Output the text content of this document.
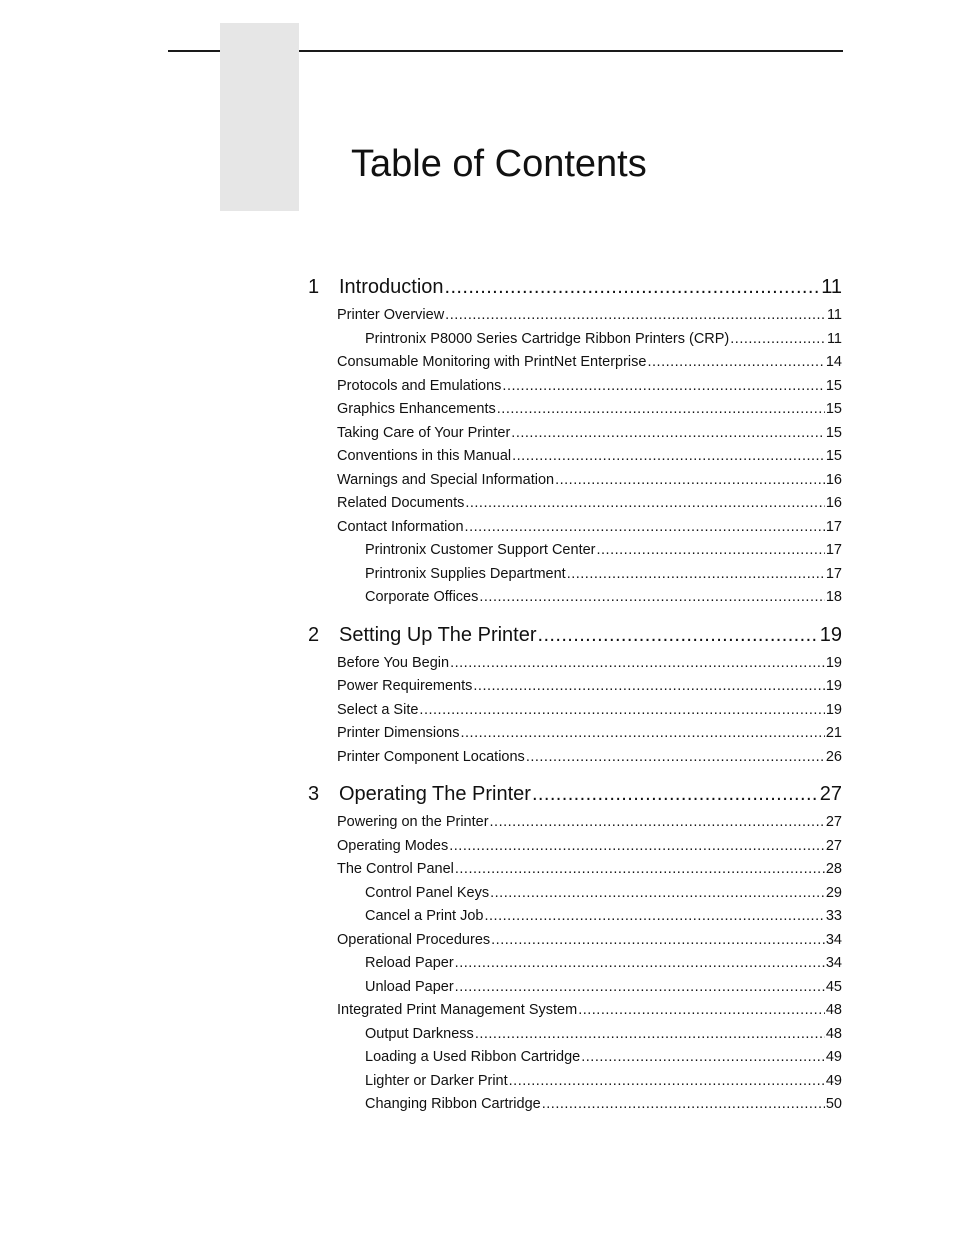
Table of Contents
1 Introduction .....	11
Printer Overview .....	11
Printronix P8000 Series Cartridge Ribbon Printers (CRP) .....	11
Consumable Monitoring with PrintNet Enterprise .....	14
Protocols and Emulations .....	15
Graphics Enhancements .....	15
Taking Care of Your Printer .....	15
Conventions in this Manual .....	15
Warnings and Special Information .....	16
Related Documents .....	16
Contact Information .....	17
Printronix Customer Support Center .....	17
Printronix Supplies Department .....	17
Corporate Offices .....	18
2 Setting Up The Printer .....	19
Before You Begin .....	19
Power Requirements .....	19
Select a Site .....	19
Printer Dimensions .....	21
Printer Component Locations .....	26
3 Operating The Printer .....	27
Powering on the Printer .....	27
Operating Modes .....	27
The Control Panel .....	28
Control Panel Keys .....	29
Cancel a Print Job .....	33
Operational Procedures .....	34
Reload Paper .....	34
Unload Paper .....	45
Integrated Print Management System .....	48
Output Darkness .....	48
Loading a Used Ribbon Cartridge .....	49
Lighter or Darker Print .....	49
Changing Ribbon Cartridge .....	50
